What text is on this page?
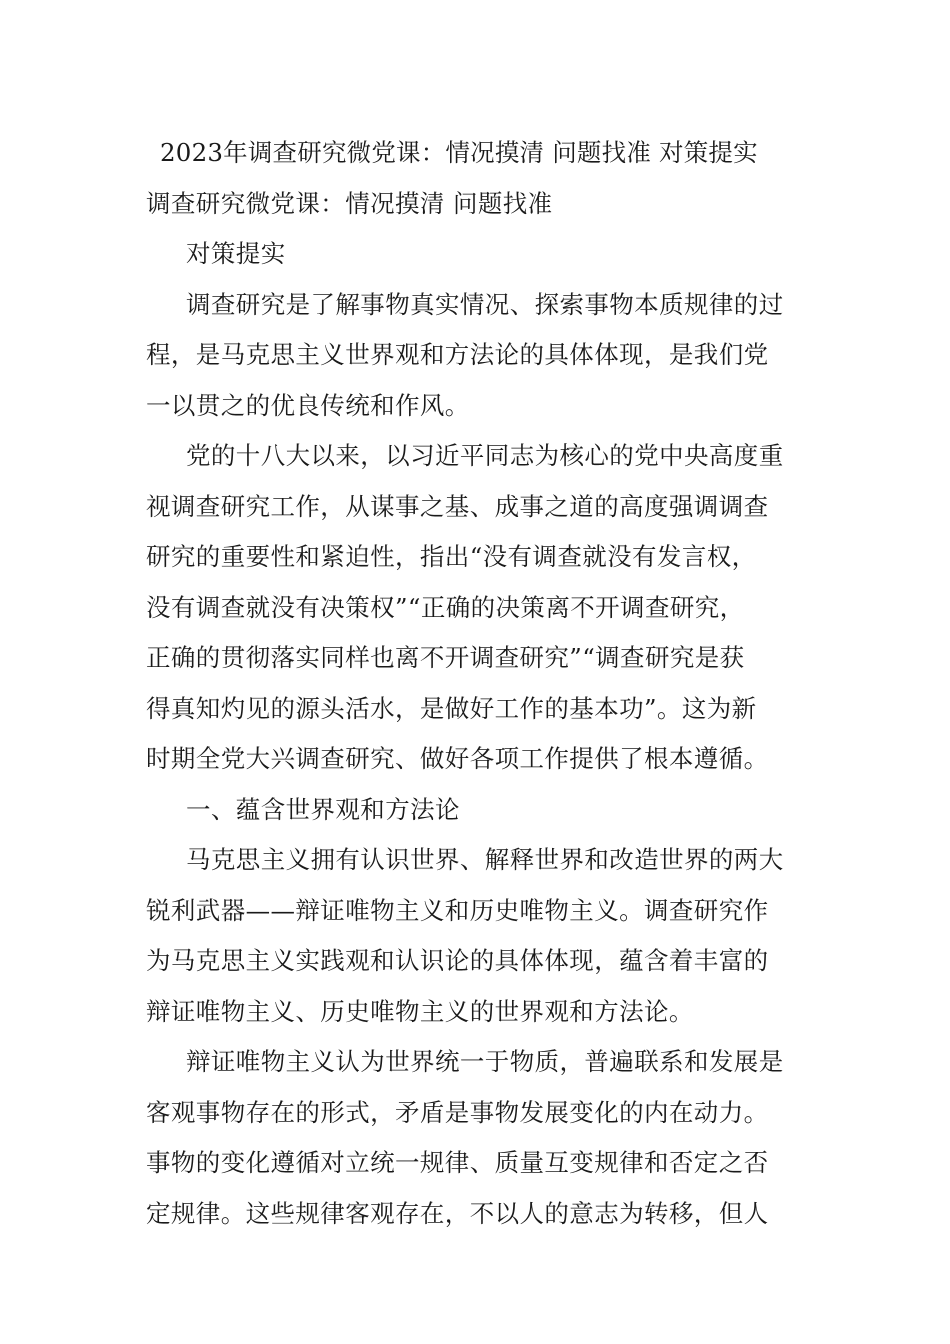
2023年调查研究微党课：情况摸清 问题找准 对策提实
调查研究微党课：情况摸清 问题找准
对策提实
调查研究是了解事物真实情况、探索事物本质规律的过
程，是马克思主义世界观和方法论的具体体现，是我们党
一以贯之的优良传统和作风。
党的十八大以来，以习近平同志为核心的党中央高度重
视调查研究工作，从谋事之基、成事之道的高度强调调查
研究的重要性和紧迫性，指出“没有调查就没有发言权，
没有调查就没有决策权”“正确的决策离不开调查研究，
正确的贯彻落实同样也离不开调查研究”“调查研究是获
得真知灼见的源头活水，是做好工作的基本功”。这为新
时期全党大兴调查研究、做好各项工作提供了根本遵循。
一、蕴含世界观和方法论
马克思主义拥有认识世界、解释世界和改造世界的两大
锐利武器——辩证唯物主义和历史唯物主义。调查研究作
为马克思主义实践观和认识论的具体体现，蕴含着丰富的
辩证唯物主义、历史唯物主义的世界观和方法论。
辩证唯物主义认为世界统一于物质，普遍联系和发展是
客观事物存在的形式，矛盾是事物发展变化的内在动力。
事物的变化遵循对立统一规律、质量互变规律和否定之否
定规律。这些规律客观存在，不以人的意志为转移，但人
